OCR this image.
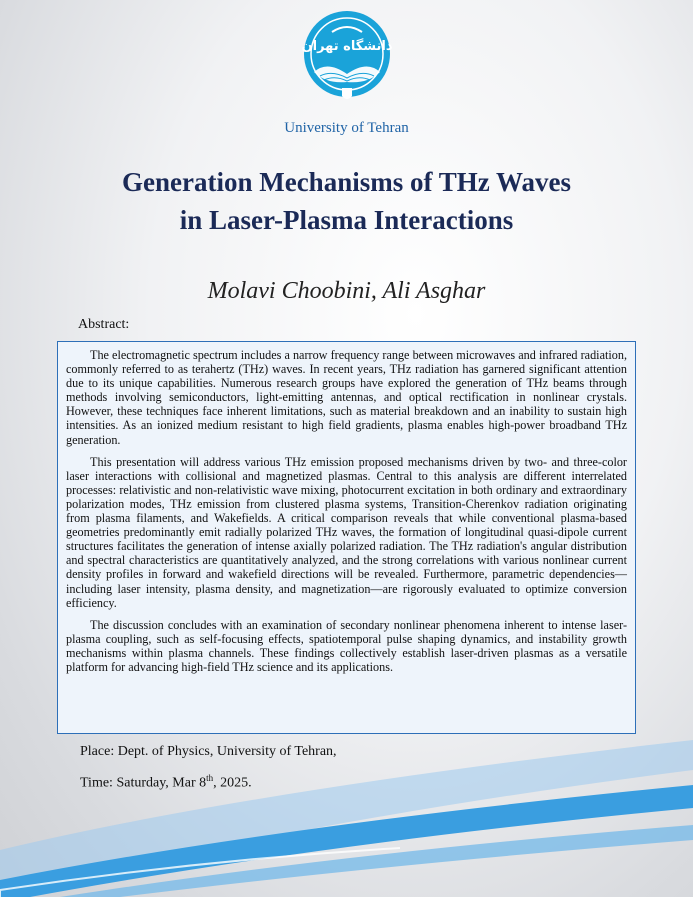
دانشگاه تهران
University of Tehran
Generation Mechanisms of THz Waves
in Laser-Plasma Interactions
Molavi Choobini, Ali Asghar
Abstract:

The electromagnetic spectrum includes a narrow frequency range between microwaves and infrared radiation, commonly referred to as terahertz (THz) waves. In recent years, THz radiation has garnered significant attention due to its unique capabilities. Numerous research groups have explored the generation of THz beams through methods involving semiconductors, light-emitting antennas, and optical rectification in nonlinear crystals. However, these techniques face inherent limitations, such as material breakdown and an inability to sustain high intensities. As an ionized medium resistant to high field gradients, plasma enables high-power broadband THz generation.

This presentation will address various THz emission proposed mechanisms driven by two- and three-color laser interactions with collisional and magnetized plasmas. Central to this analysis are different interrelated processes: relativistic and non-relativistic wave mixing, photocurrent excitation in both ordinary and extraordinary polarization modes, THz emission from clustered plasma systems, Transition-Cherenkov radiation originating from plasma filaments, and Wakefields. A critical comparison reveals that while conventional plasma-based geometries predominantly emit radially polarized THz waves, the formation of longitudinal quasi-dipole current structures facilitates the generation of intense axially polarized radiation. The THz radiation's angular distribution and spectral characteristics are quantitatively analyzed, and the strong correlations with various nonlinear current density profiles in forward and wakefield directions will be revealed. Furthermore, parametric dependencies—including laser intensity, plasma density, and magnetization—are rigorously evaluated to optimize conversion efficiency.

The discussion concludes with an examination of secondary nonlinear phenomena inherent to intense laser-plasma coupling, such as self-focusing effects, spatiotemporal pulse shaping dynamics, and instability growth mechanisms within plasma channels. These findings collectively establish laser-driven plasmas as a versatile platform for advancing high-field THz science and its applications.

Place: Dept. of Physics, University of Tehran,
Time: Saturday, Mar 8th, 2025.
